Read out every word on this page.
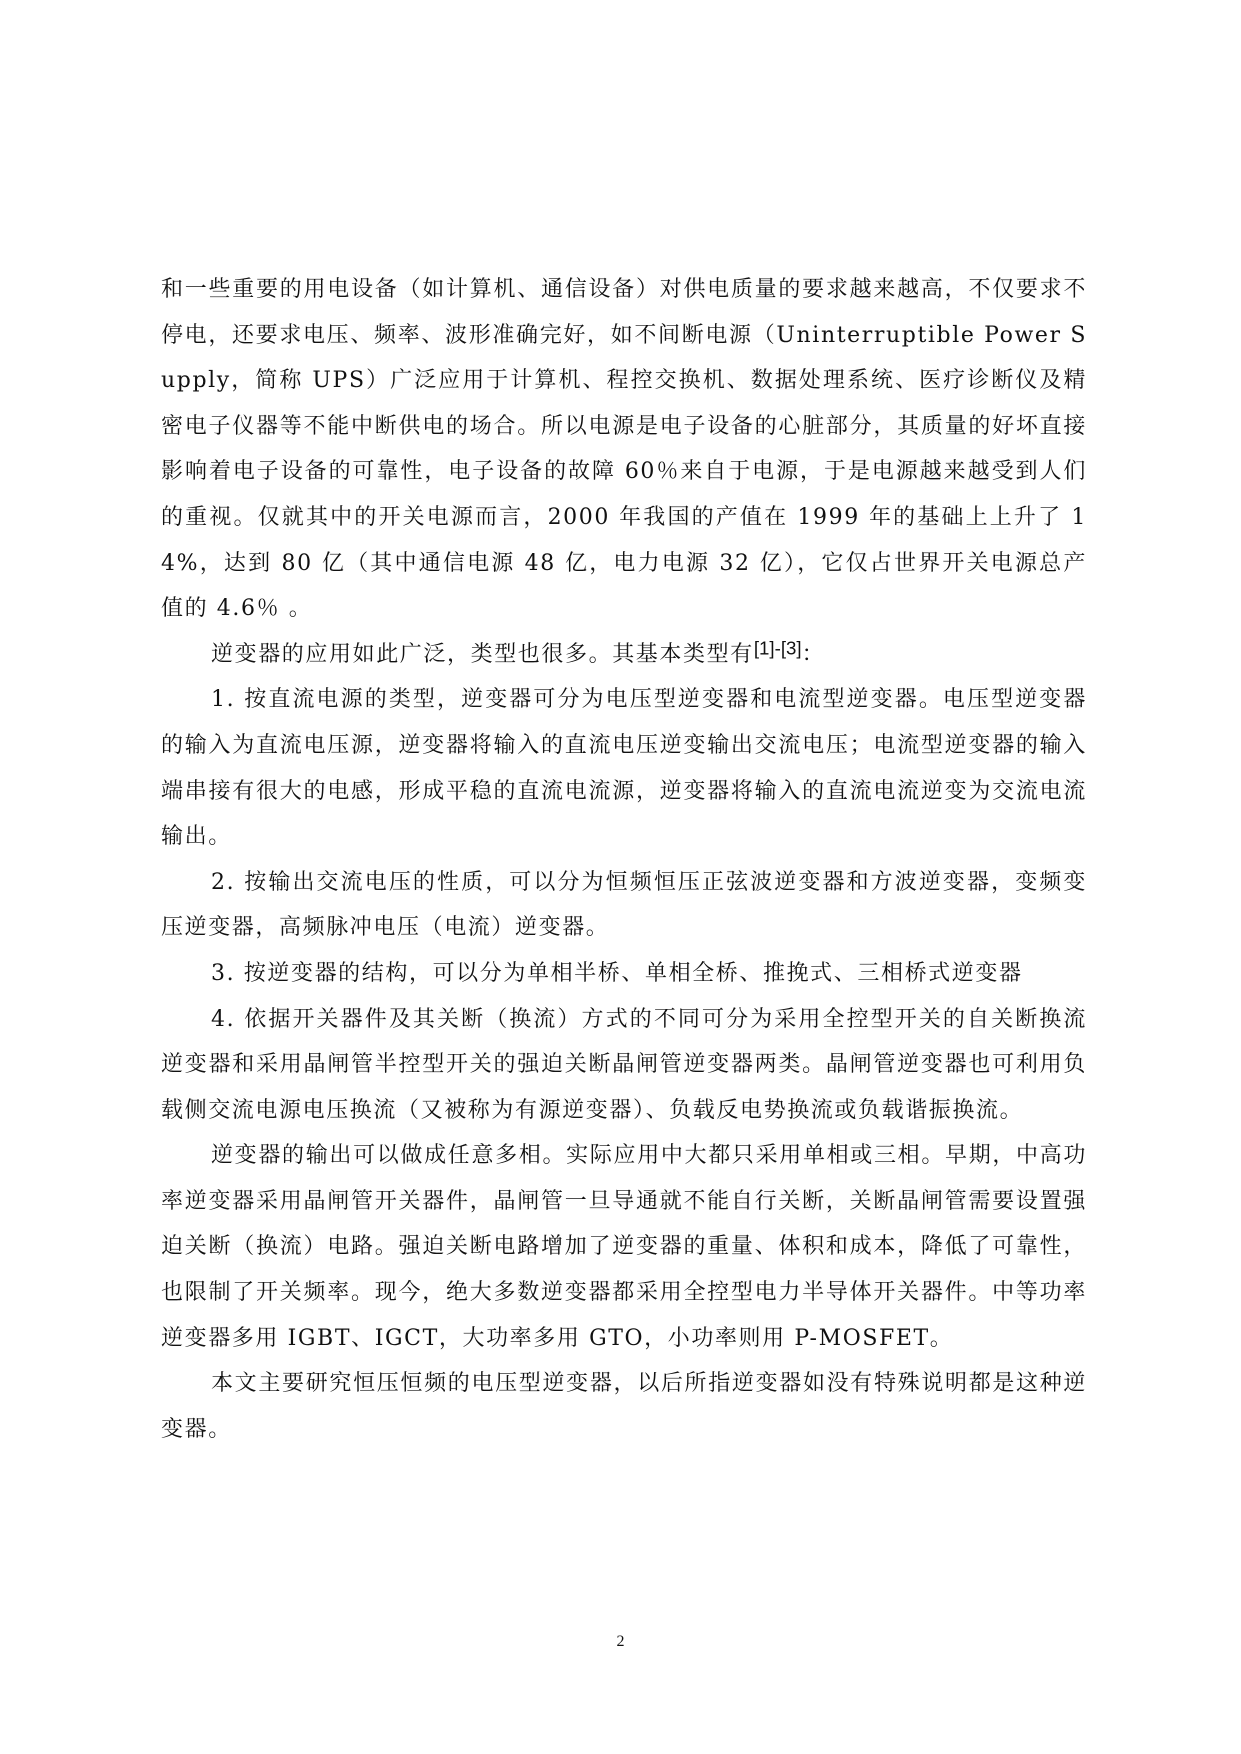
和一些重要的用电设备（如计算机、通信设备）对供电质量的要求越来越高，不仅要求不停电，还要求电压、频率、波形准确完好，如不间断电源（Uninterruptible Power Supply，简称 UPS）广泛应用于计算机、程控交换机、数据处理系统、医疗诊断仪及精密电子仪器等不能中断供电的场合。所以电源是电子设备的心脏部分，其质量的好坏直接影响着电子设备的可靠性，电子设备的故障 60％来自于电源，于是电源越来越受到人们的重视。仅就其中的开关电源而言，2000 年我国的产值在 1999 年的基础上上升了 14%，达到 80 亿（其中通信电源 48 亿，电力电源 32 亿），它仅占世界开关电源总产值的 4.6％ 。

逆变器的应用如此广泛，类型也很多。其基本类型有[1]-[3]：

1. 按直流电源的类型，逆变器可分为电压型逆变器和电流型逆变器。电压型逆变器的输入为直流电压源，逆变器将输入的直流电压逆变输出交流电压；电流型逆变器的输入端串接有很大的电感，形成平稳的直流电流源，逆变器将输入的直流电流逆变为交流电流输出。

2. 按输出交流电压的性质，可以分为恒频恒压正弦波逆变器和方波逆变器，变频变压逆变器，高频脉冲电压（电流）逆变器。

3. 按逆变器的结构，可以分为单相半桥、单相全桥、推挽式、三相桥式逆变器

4. 依据开关器件及其关断（换流）方式的不同可分为采用全控型开关的自关断换流逆变器和采用晶闸管半控型开关的强迫关断晶闸管逆变器两类。晶闸管逆变器也可利用负载侧交流电源电压换流（又被称为有源逆变器）、负载反电势换流或负载谐振换流。

逆变器的输出可以做成任意多相。实际应用中大都只采用单相或三相。早期，中高功率逆变器采用晶闸管开关器件，晶闸管一旦导通就不能自行关断，关断晶闸管需要设置强迫关断（换流）电路。强迫关断电路增加了逆变器的重量、体积和成本，降低了可靠性，也限制了开关频率。现今，绝大多数逆变器都采用全控型电力半导体开关器件。中等功率逆变器多用 IGBT、IGCT，大功率多用 GTO，小功率则用 P-MOSFET。

本文主要研究恒压恒频的电压型逆变器，以后所指逆变器如没有特殊说明都是这种逆变器。

2
